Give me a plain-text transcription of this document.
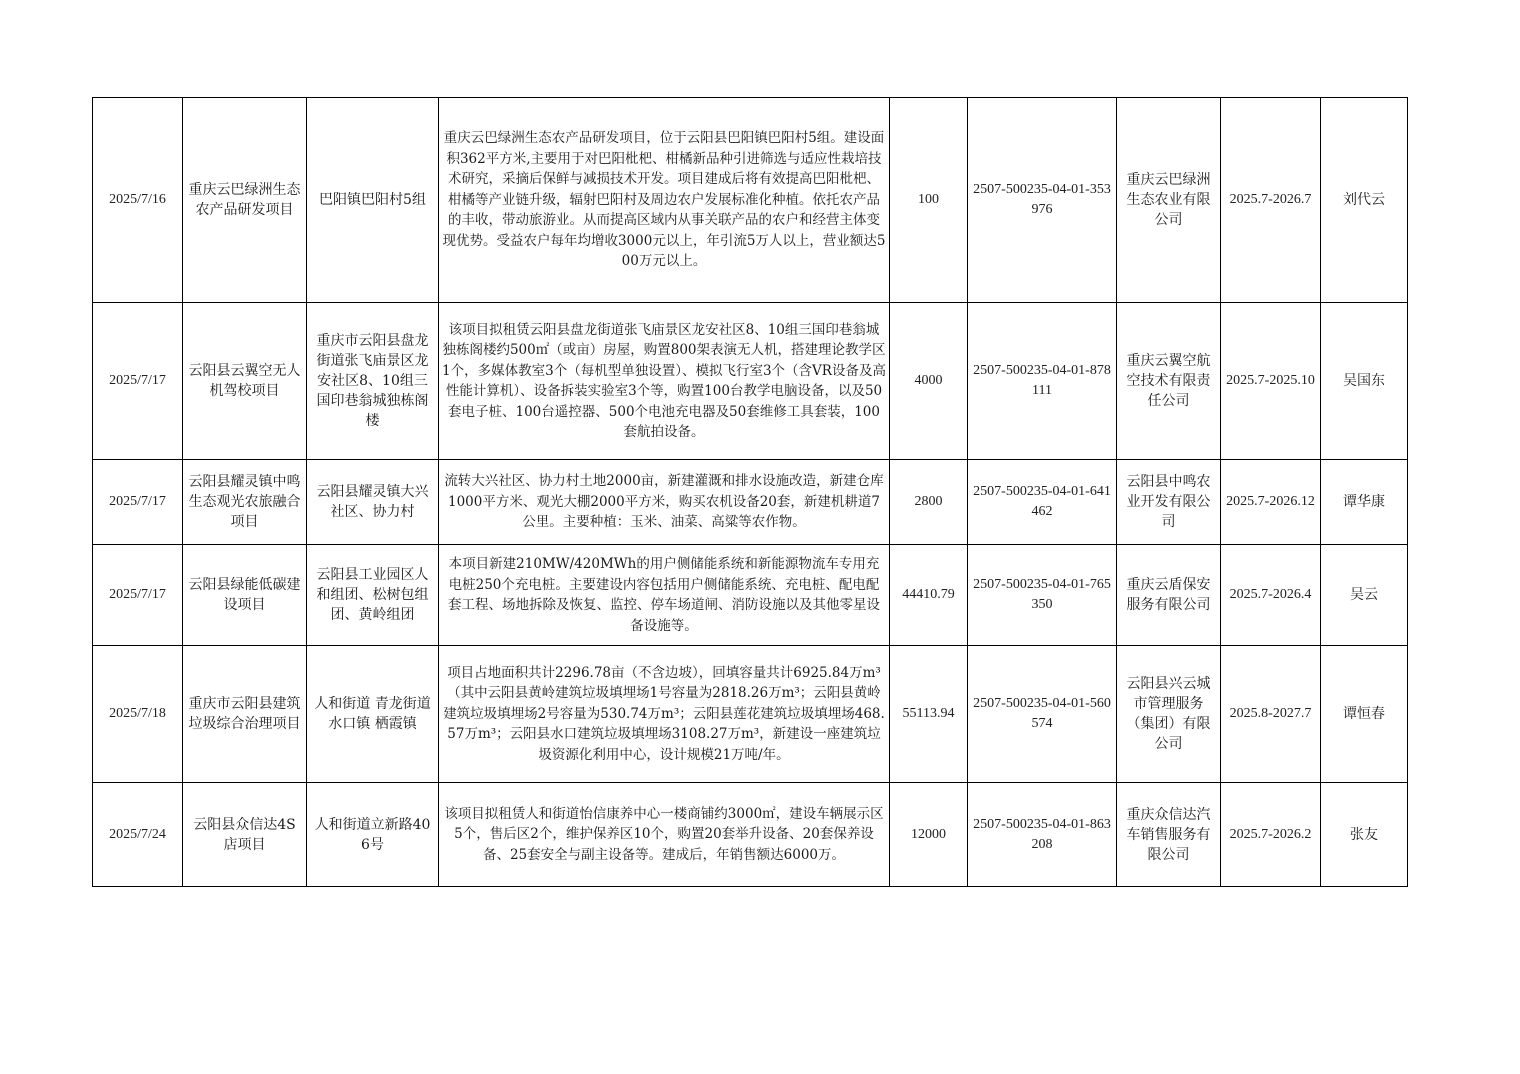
2025/7/16	重庆云巴绿洲生态农产品研发项目	巴阳镇巴阳村5组	重庆云巴绿洲生态农产品研发项目，位于云阳县巴阳镇巴阳村5组。建设面积362平方米,主要用于对巴阳枇杷、柑橘新品种引进筛选与适应性栽培技术研究，采摘后保鲜与减损技术开发。项目建成后将有效提高巴阳枇杷、柑橘等产业链升级，辐射巴阳村及周边农户发展标准化种植。依托农产品的丰收，带动旅游业。从而提高区域内从事关联产品的农户和经营主体变现优势。受益农户每年均增收3000元以上，年引流5万人以上，营业额达500万元以上。	100	2507-500235-04-01-353976	重庆云巴绿洲生态农业有限公司	2025.7-2026.7	刘代云

2025/7/17	云阳县云翼空无人机驾校项目	重庆市云阳县盘龙街道张飞庙景区龙安社区8、10组三国印巷翁城独栋阁楼	该项目拟租赁云阳县盘龙街道张飞庙景区龙安社区8、10组三国印巷翁城独栋阁楼约500㎡（或亩）房屋，购置800架表演无人机，搭建理论教学区1个，多媒体教室3个（每机型单独设置）、模拟飞行室3个（含VR设备及高性能计算机）、设备拆装实验室3个等，购置100台教学电脑设备，以及50套电子桩、100台遥控器、500个电池充电器及50套维修工具套装，100套航拍设备。	4000	2507-500235-04-01-878111	重庆云翼空航空技术有限责任公司	2025.7-2025.10	吴国东

2025/7/17	云阳县耀灵镇中鸣生态观光农旅融合项目	云阳县耀灵镇大兴社区、协力村	流转大兴社区、协力村土地2000亩，新建灌溉和排水设施改造，新建仓库1000平方米、观光大棚2000平方米，购买农机设备20套，新建机耕道7公里。主要种植：玉米、油菜、高粱等农作物。	2800	2507-500235-04-01-641462	云阳县中鸣农业开发有限公司	2025.7-2026.12	谭华康

2025/7/17	云阳县绿能低碳建设项目	云阳县工业园区人和组团、松树包组团、黄岭组团	本项目新建210MW/420MWh的用户侧储能系统和新能源物流车专用充电桩250个充电桩。主要建设内容包括用户侧储能系统、充电桩、配电配套工程、场地拆除及恢复、监控、停车场道闸、消防设施以及其他零星设备设施等。	44410.79	2507-500235-04-01-765350	重庆云盾保安服务有限公司	2025.7-2026.4	吴云

2025/7/18	重庆市云阳县建筑垃圾综合治理项目	人和街道 青龙街道 水口镇 栖霞镇	项目占地面积共计2296.78亩（不含边坡），回填容量共计6925.84万m³（其中云阳县黄岭建筑垃圾填埋场1号容量为2818.26万m³；云阳县黄岭建筑垃圾填埋场2号容量为530.74万m³；云阳县莲花建筑垃圾填埋场468.57万m³；云阳县水口建筑垃圾填埋场3108.27万m³，新建设一座建筑垃圾资源化利用中心，设计规模21万吨/年。	55113.94	2507-500235-04-01-560574	云阳县兴云城市管理服务（集团）有限公司	2025.8-2027.7	谭恒春

2025/7/24	云阳县众信达4S店项目	人和街道立新路406号	该项目拟租赁人和街道怡信康养中心一楼商铺约3000㎡，建设车辆展示区5个，售后区2个，维护保养区10个，购置20套举升设备、20套保养设备、25套安全与副主设备等。建成后，年销售额达6000万。	12000	2507-500235-04-01-863208	重庆众信达汽车销售服务有限公司	2025.7-2026.2	张友
